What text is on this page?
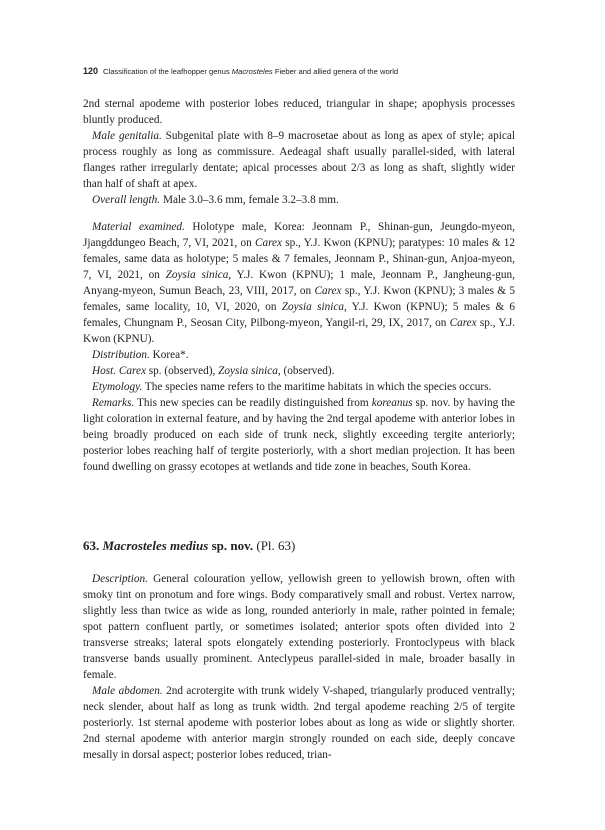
120 Classification of the leafhopper genus Macrosteles Fieber and allied genera of the world

2nd sternal apodeme with posterior lobes reduced, triangular in shape; apophysis processes bluntly produced.

Male genitalia. Subgenital plate with 8–9 macrosetae about as long as apex of style; apical process roughly as long as commissure. Aedeagal shaft usually parallel-sided, with lateral flanges rather irregularly dentate; apical processes about 2/3 as long as shaft, slightly wider than half of shaft at apex.

Overall length. Male 3.0–3.6 mm, female 3.2–3.8 mm.

Material examined. Holotype male, Korea: Jeonnam P., Shinan-gun, Jeungdo-myeon, Jjangddungeo Beach, 7, VI, 2021, on Carex sp., Y.J. Kwon (KPNU); paratypes: 10 males & 12 females, same data as holotype; 5 males & 7 females, Jeonnam P., Shinan-gun, Anjoa-myeon, 7, VI, 2021, on Zoysia sinica, Y.J. Kwon (KPNU); 1 male, Jeonnam P., Jangheung-gun, Anyang-myeon, Sumun Beach, 23, VIII, 2017, on Carex sp., Y.J. Kwon (KPNU); 3 males & 5 females, same locality, 10, VI, 2020, on Zoysia sinica, Y.J. Kwon (KPNU); 5 males & 6 females, Chungnam P., Seosan City, Pilbong-myeon, Yangil-ri, 29, IX, 2017, on Carex sp., Y.J. Kwon (KPNU).

Distribution. Korea*.

Host. Carex sp. (observed), Zoysia sinica, (observed).

Etymology. The species name refers to the maritime habitats in which the species occurs.

Remarks. This new species can be readily distinguished from koreanus sp. nov. by having the light coloration in external feature, and by having the 2nd tergal apodeme with anterior lobes in being broadly produced on each side of trunk neck, slightly exceeding tergite anteriorly; posterior lobes reaching half of tergite posteriorly, with a short median projection. It has been found dwelling on grassy ecotopes at wetlands and tide zone in beaches, South Korea.

63. Macrosteles medius sp. nov. (Pl. 63)

Description. General colouration yellow, yellowish green to yellowish brown, often with smoky tint on pronotum and fore wings. Body comparatively small and robust. Vertex narrow, slightly less than twice as wide as long, rounded anteriorly in male, rather pointed in female; spot pattern confluent partly, or sometimes isolated; anterior spots often divided into 2 transverse streaks; lateral spots elongately extending posteriorly. Frontoclypeus with black transverse bands usually prominent. Anteclypeus parallel-sided in male, broader basally in female.

Male abdomen. 2nd acrotergite with trunk widely V-shaped, triangularly produced ventrally; neck slender, about half as long as trunk width. 2nd tergal apodeme reaching 2/5 of tergite posteriorly. 1st sternal apodeme with posterior lobes about as long as wide or slightly shorter. 2nd sternal apodeme with anterior margin strongly rounded on each side, deeply concave mesally in dorsal aspect; posterior lobes reduced, trian-
